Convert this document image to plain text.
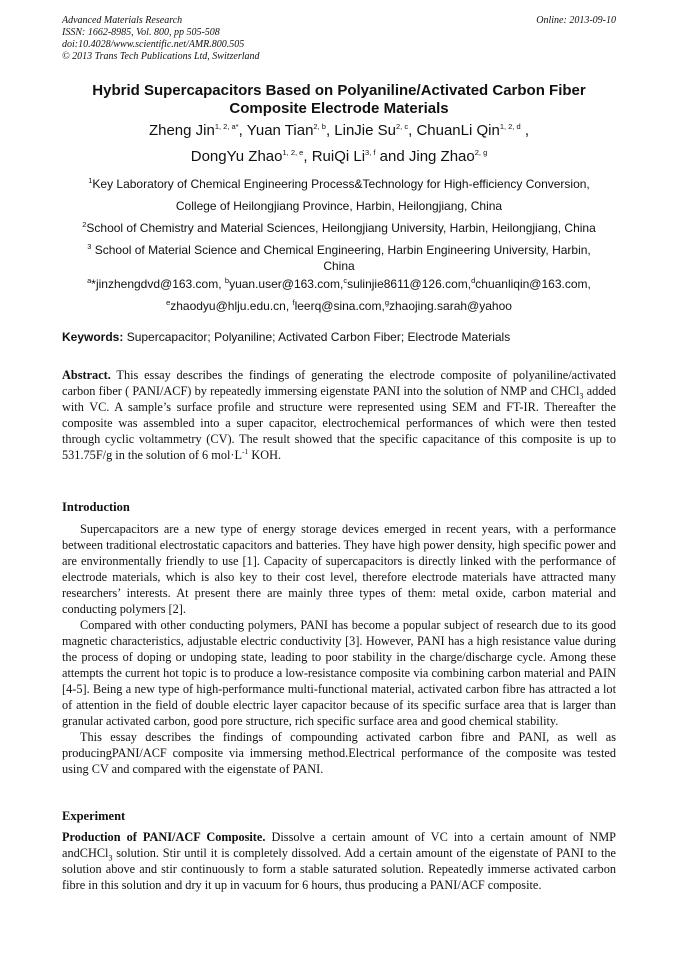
Advanced Materials Research
ISSN: 1662-8985, Vol. 800, pp 505-508
doi:10.4028/www.scientific.net/AMR.800.505
© 2013 Trans Tech Publications Ltd, Switzerland
Online: 2013-09-10
Hybrid Supercapacitors Based on Polyaniline/Activated Carbon Fiber
Composite Electrode Materials
Zheng Jin$^{1, 2, a*}$, Yuan Tian$^{2, b}$, LinJie Su$^{2, c}$, ChuanLi Qin$^{1, 2, d}$ ,
DongYu Zhao$^{1, 2, e}$, RuiQi Li$^{3, f}$ and Jing Zhao$^{2, g}$
$^1$Key Laboratory of Chemical Engineering Process&Technology for High-efficiency Conversion,
College of Heilongjiang Province, Harbin, Heilongjiang, China
$^2$School of Chemistry and Material Sciences, Heilongjiang University, Harbin, Heilongjiang, China
$^3$ School of Material Science and Chemical Engineering, Harbin Engineering University, Harbin,
China
$^a$*jinzhengdvd@163.com, $^b$yuan.user@163.com,$^c$sulinjie8611@126.com,$^d$chuanliqin@163.com,
$^e$zhaodyu@hlju.edu.cn, $^f$leerq@sina.com,$^g$zhaojing.sarah@yahoo
Keywords: Supercapacitor; Polyaniline; Activated Carbon Fiber; Electrode Materials

Abstract. This essay describes the findings of generating the electrode composite of polyaniline/activated carbon fiber ( PANI/ACF) by repeatedly immersing eigenstate PANI into the solution of NMP and CHCl$_3$ added with VC. A sample’s surface profile and structure were represented using SEM and FT-IR. Thereafter the composite was assembled into a super capacitor, electrochemical performances of which were then tested through cyclic voltammetry (CV). The result showed that the specific capacitance of this composite is up to 531.75F/g in the solution of 6 $mol\cdot L^{-1}$ KOH.

Introduction

Supercapacitors are a new type of energy storage devices emerged in recent years, with a performance between traditional electrostatic capacitors and batteries. They have high power density, high specific power and are environmentally friendly to use [1]. Capacity of supercapacitors is directly linked with the performance of electrode materials, which is also key to their cost level, therefore electrode materials have attracted many researchers’ interests. At present there are mainly three types of them: metal oxide, carbon material and conducting polymers [2].

Compared with other conducting polymers, PANI has become a popular subject of research due to its good magnetic characteristics, adjustable electric conductivity [3]. However, PANI has a high resistance value during the process of doping or undoping state, leading to poor stability in the charge/discharge cycle. Among these attempts the current hot topic is to produce a low-resistance composite via combining carbon material and PAIN [4-5]. Being a new type of high-performance multi-functional material, activated carbon fibre has attracted a lot of attention in the field of double electric layer capacitor because of its specific surface area that is larger than granular activated carbon, good pore structure, rich specific surface area and good chemical stability.

This essay describes the findings of compounding activated carbon fibre and PANI, as well as producingPANI/ACF composite via immersing method.Electrical performance of the composite was tested using CV and compared with the eigenstate of PANI.

Experiment

Production of PANI/ACF Composite. Dissolve a certain amount of VC into a certain amount of NMP andCHCl$_3$ solution. Stir until it is completely dissolved. Add a certain amount of the eigenstate of PANI to the solution above and stir continuously to form a stable saturated solution. Repeatedly immerse activated carbon fibre in this solution and dry it up in vacuum for 6 hours, thus producing a PANI/ACF composite.
